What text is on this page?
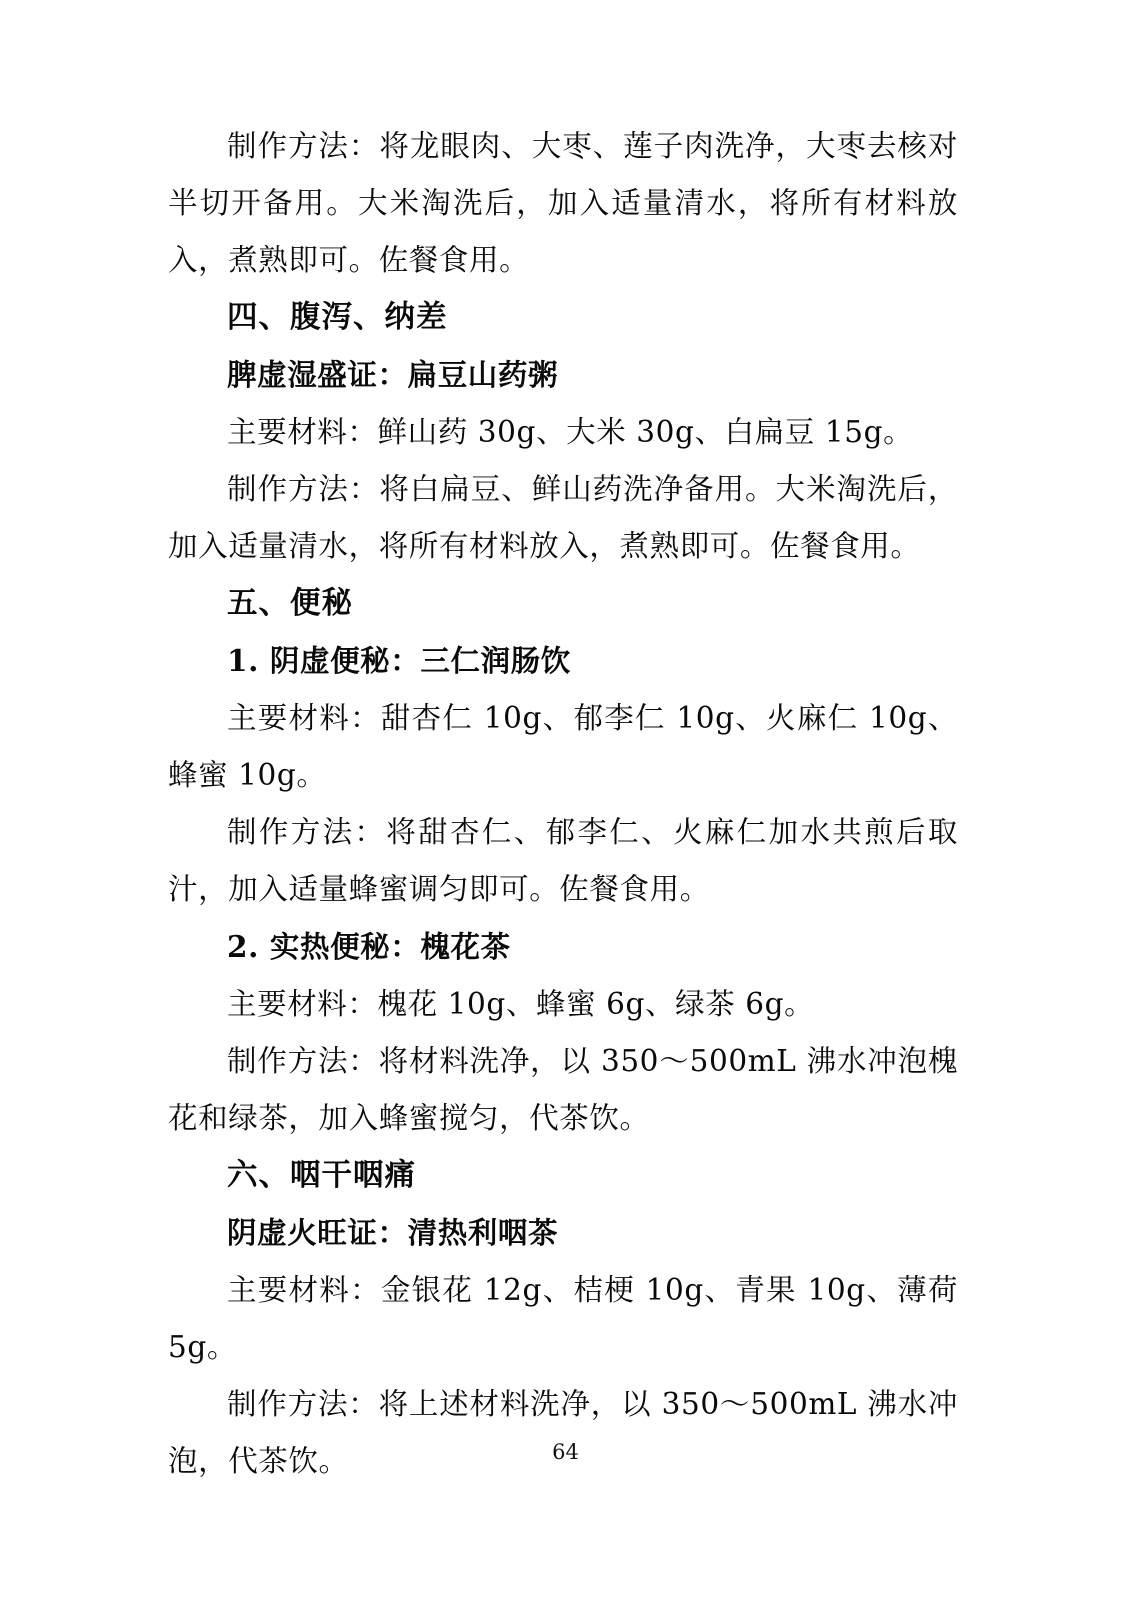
制作方法：将龙眼肉、大枣、莲子肉洗净，大枣去核对半切开备用。大米淘洗后，加入适量清水，将所有材料放入，煮熟即可。佐餐食用。

四、腹泻、纳差

脾虚湿盛证：扁豆山药粥

主要材料：鲜山药 30g、大米 30g、白扁豆 15g。

制作方法：将白扁豆、鲜山药洗净备用。大米淘洗后，加入适量清水，将所有材料放入，煮熟即可。佐餐食用。

五、便秘

1. 阴虚便秘：三仁润肠饮

主要材料：甜杏仁 10g、郁李仁 10g、火麻仁 10g、蜂蜜 10g。

制作方法：将甜杏仁、郁李仁、火麻仁加水共煎后取汁，加入适量蜂蜜调匀即可。佐餐食用。

2. 实热便秘：槐花茶

主要材料：槐花 10g、蜂蜜 6g、绿茶 6g。

制作方法：将材料洗净，以 350～500mL 沸水冲泡槐花和绿茶，加入蜂蜜搅匀，代茶饮。

六、咽干咽痛

阴虚火旺证：清热利咽茶

主要材料：金银花 12g、桔梗 10g、青果 10g、薄荷 5g。

制作方法：将上述材料洗净，以 350～500mL 沸水冲泡，代茶饮。	64
